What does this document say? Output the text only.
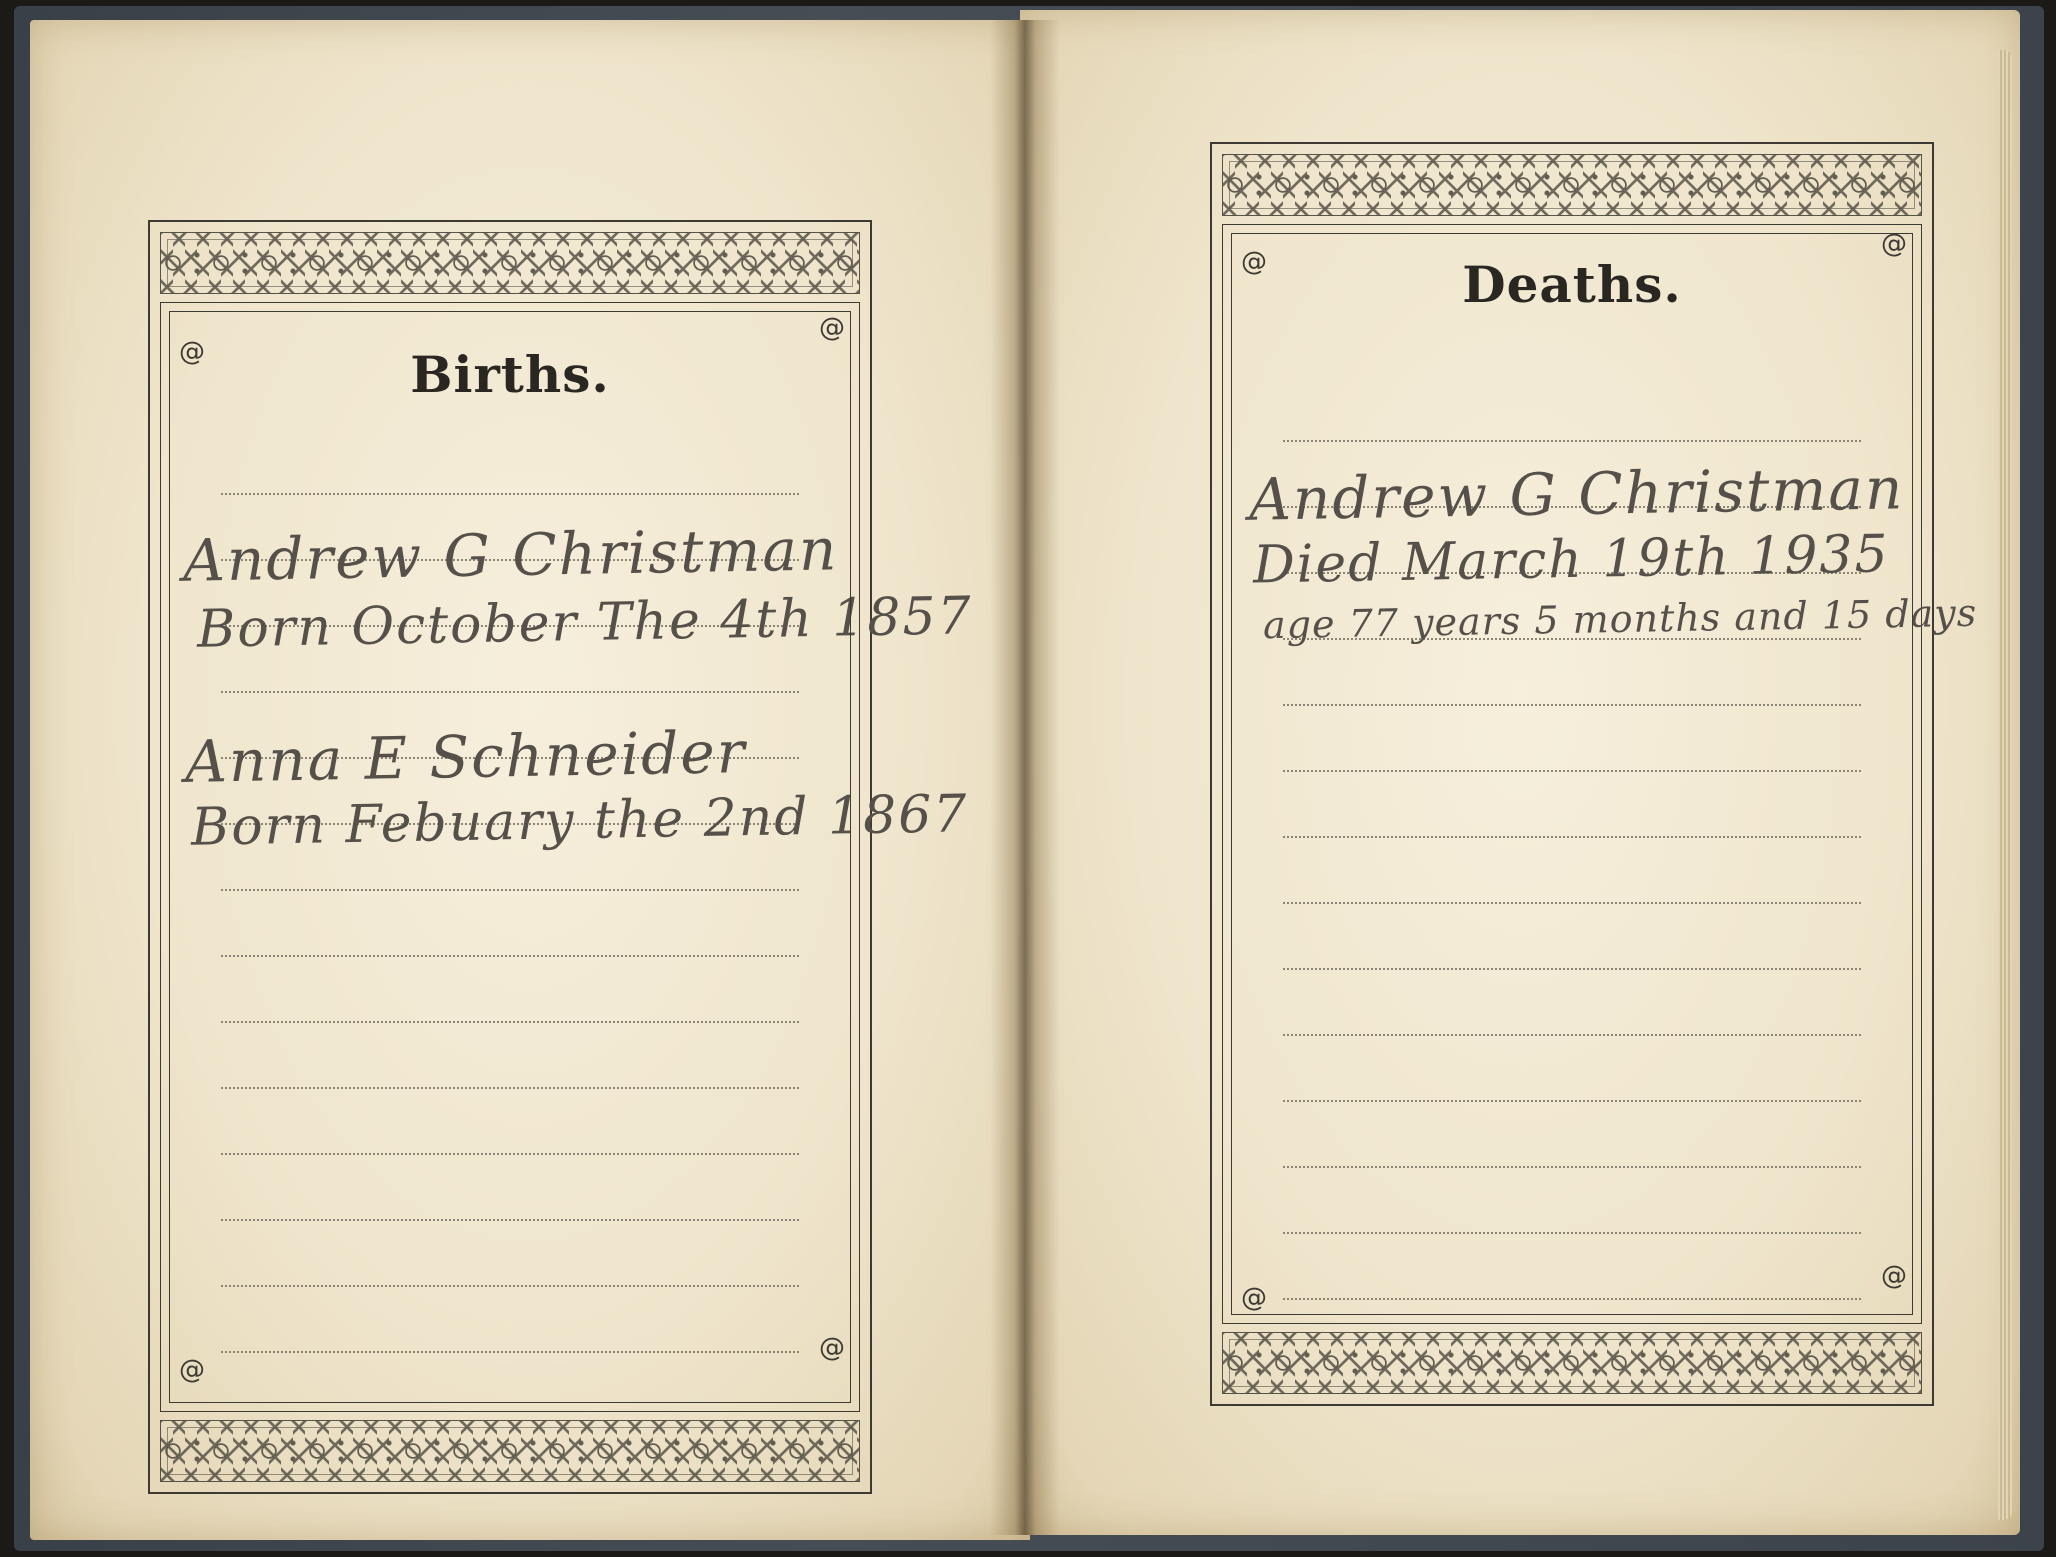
@
@
@
@
Births.
Andrew G Christman
Born October The 4th 1857
Anna E Schneider
Born Febuary the 2nd 1867
@
@
@
@
Deaths.
Andrew G Christman
Died March 19th 1935
age 77 years 5 months and 15 days
